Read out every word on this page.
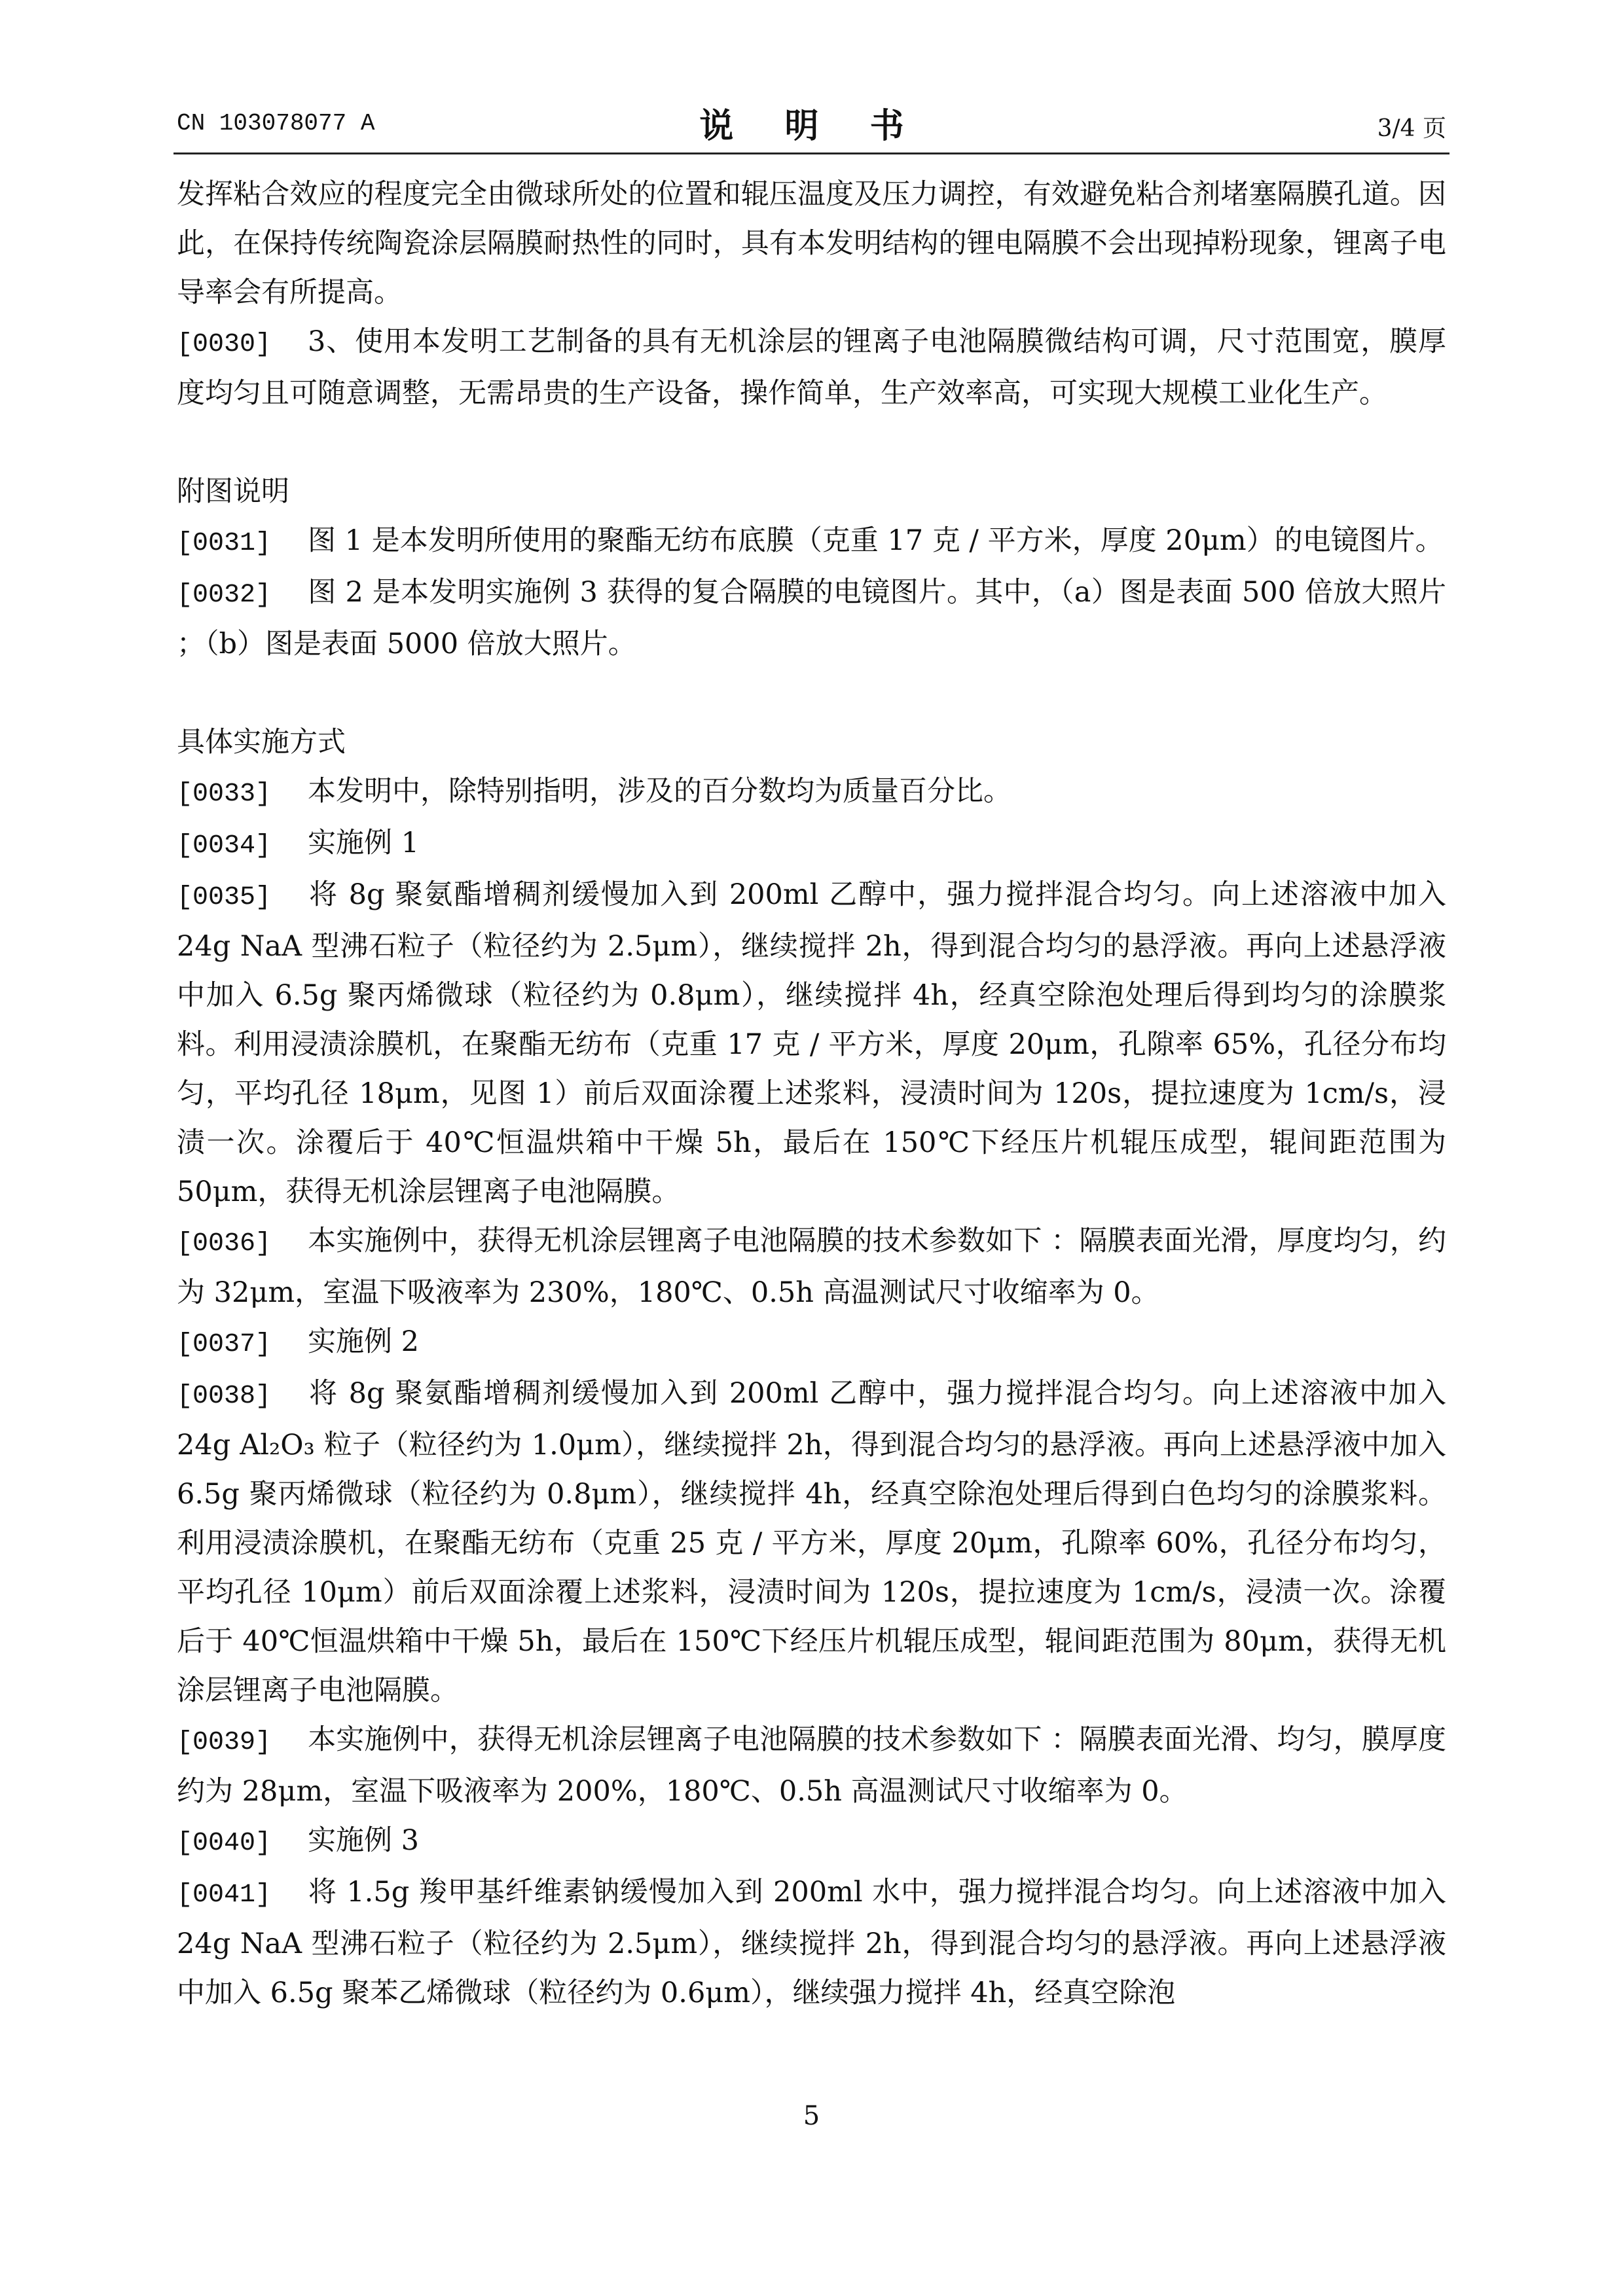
CN 103078077 A	说 明 书	3/4 页

发挥粘合效应的程度完全由微球所处的位置和辊压温度及压力调控，有效避免粘合剂堵塞隔膜孔道。因此，在保持传统陶瓷涂层隔膜耐热性的同时，具有本发明结构的锂电隔膜不会出现掉粉现象，锂离子电导率会有所提高。

[0030] 3、使用本发明工艺制备的具有无机涂层的锂离子电池隔膜微结构可调，尺寸范围宽，膜厚度均匀且可随意调整，无需昂贵的生产设备，操作简单，生产效率高，可实现大规模工业化生产。

附图说明

[0031] 图 1 是本发明所使用的聚酯无纺布底膜（克重 17 克 / 平方米，厚度 20μm）的电镜图片。

[0032] 图 2 是本发明实施例 3 获得的复合隔膜的电镜图片。其中，（a）图是表面 500 倍放大照片 ；（b）图是表面 5000 倍放大照片。

具体实施方式

[0033] 本发明中，除特别指明，涉及的百分数均为质量百分比。

[0034] 实施例 1

[0035] 将 8g 聚氨酯增稠剂缓慢加入到 200ml 乙醇中，强力搅拌混合均匀。向上述溶液中加入 24g NaA 型沸石粒子（粒径约为 2.5μm），继续搅拌 2h，得到混合均匀的悬浮液。再向上述悬浮液中加入 6.5g 聚丙烯微球（粒径约为 0.8μm），继续搅拌 4h，经真空除泡处理后得到均匀的涂膜浆料。利用浸渍涂膜机，在聚酯无纺布（克重 17 克 / 平方米，厚度 20μm，孔隙率 65%，孔径分布均匀，平均孔径 18μm，见图 1）前后双面涂覆上述浆料，浸渍时间为 120s，提拉速度为 1cm/s，浸渍一次。涂覆后于 40℃恒温烘箱中干燥 5h，最后在 150℃下经压片机辊压成型，辊间距范围为 50μm，获得无机涂层锂离子电池隔膜。

[0036] 本实施例中，获得无机涂层锂离子电池隔膜的技术参数如下 ：隔膜表面光滑，厚度均匀，约为 32μm，室温下吸液率为 230%，180℃、0.5h 高温测试尺寸收缩率为 0。

[0037] 实施例 2

[0038] 将 8g 聚氨酯增稠剂缓慢加入到 200ml 乙醇中，强力搅拌混合均匀。向上述溶液中加入 24g Al₂O₃ 粒子（粒径约为 1.0μm），继续搅拌 2h，得到混合均匀的悬浮液。再向上述悬浮液中加入 6.5g 聚丙烯微球（粒径约为 0.8μm），继续搅拌 4h，经真空除泡处理后得到白色均匀的涂膜浆料。利用浸渍涂膜机，在聚酯无纺布（克重 25 克 / 平方米，厚度 20μm，孔隙率 60%，孔径分布均匀，平均孔径 10μm）前后双面涂覆上述浆料，浸渍时间为 120s，提拉速度为 1cm/s，浸渍一次。涂覆后于 40℃恒温烘箱中干燥 5h，最后在 150℃下经压片机辊压成型，辊间距范围为 80μm，获得无机涂层锂离子电池隔膜。

[0039] 本实施例中，获得无机涂层锂离子电池隔膜的技术参数如下 ：隔膜表面光滑、均匀，膜厚度约为 28μm，室温下吸液率为 200%，180℃、0.5h 高温测试尺寸收缩率为 0。

[0040] 实施例 3

[0041] 将 1.5g 羧甲基纤维素钠缓慢加入到 200ml 水中，强力搅拌混合均匀。向上述溶液中加入 24g NaA 型沸石粒子（粒径约为 2.5μm），继续搅拌 2h，得到混合均匀的悬浮液。再向上述悬浮液中加入 6.5g 聚苯乙烯微球（粒径约为 0.6μm），继续强力搅拌 4h，经真空除泡

5
